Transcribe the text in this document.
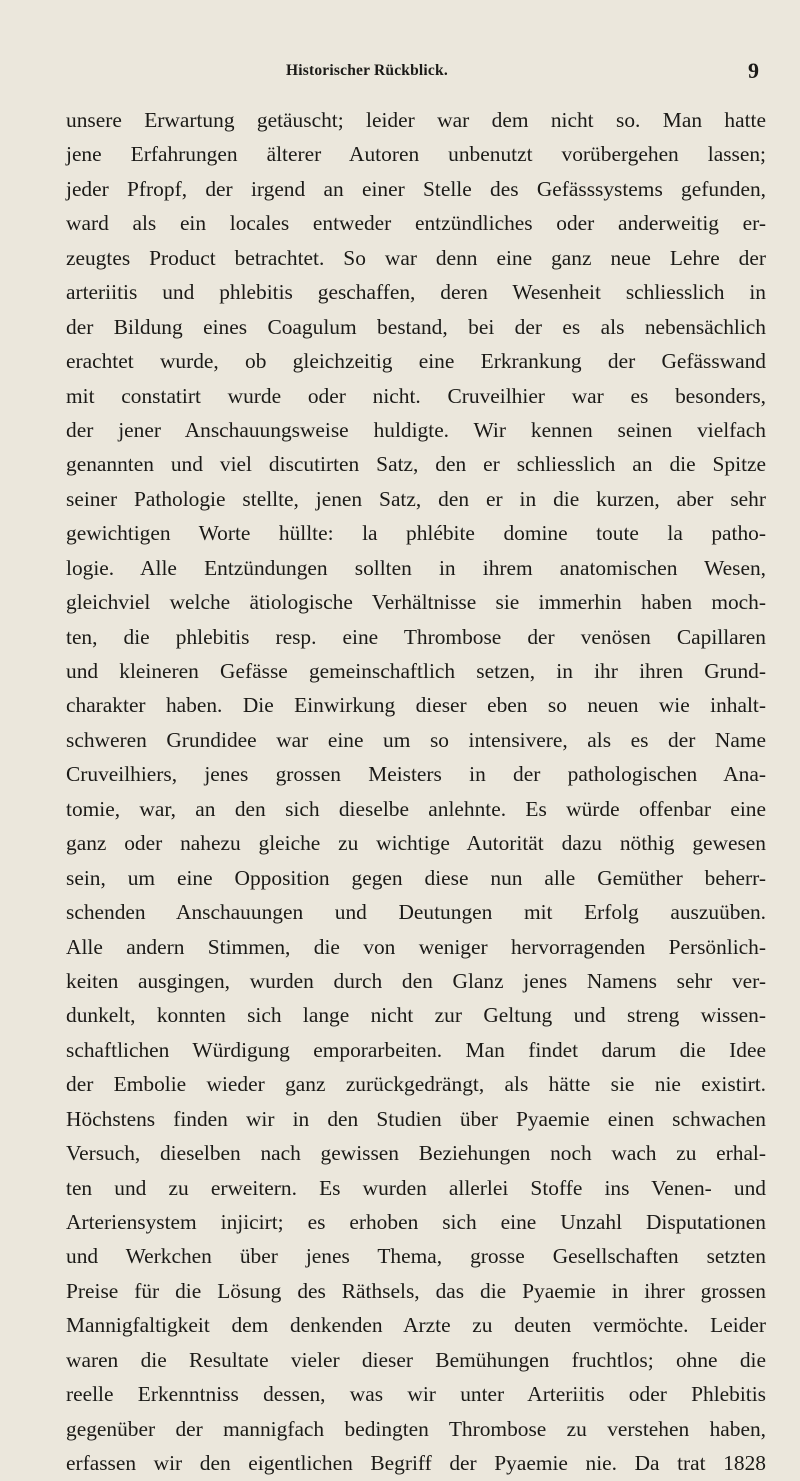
Historischer Rückblick.	9
unsere Erwartung getäuscht; leider war dem nicht so. Man hatte
jene Erfahrungen älterer Autoren unbenutzt vorübergehen lassen;
jeder Pfropf, der irgend an einer Stelle des Gefässsystems gefunden,
ward als ein locales entweder entzündliches oder anderweitig er-
zeugtes Product betrachtet. So war denn eine ganz neue Lehre der
arteriitis und phlebitis geschaffen, deren Wesenheit schliesslich in
der Bildung eines Coagulum bestand, bei der es als nebensächlich
erachtet wurde, ob gleichzeitig eine Erkrankung der Gefässwand
mit constatirt wurde oder nicht. Cruveilhier war es besonders,
der jener Anschauungsweise huldigte. Wir kennen seinen vielfach
genannten und viel discutirten Satz, den er schliesslich an die Spitze
seiner Pathologie stellte, jenen Satz, den er in die kurzen, aber sehr
gewichtigen Worte hüllte: la phlébite domine toute la patho-
logie. Alle Entzündungen sollten in ihrem anatomischen Wesen,
gleichviel welche ätiologische Verhältnisse sie immerhin haben moch-
ten, die phlebitis resp. eine Thrombose der venösen Capillaren
und kleineren Gefässe gemeinschaftlich setzen, in ihr ihren Grund-
charakter haben. Die Einwirkung dieser eben so neuen wie inhalt-
schweren Grundidee war eine um so intensivere, als es der Name
Cruveilhiers, jenes grossen Meisters in der pathologischen Ana-
tomie, war, an den sich dieselbe anlehnte. Es würde offenbar eine
ganz oder nahezu gleiche zu wichtige Autorität dazu nöthig gewesen
sein, um eine Opposition gegen diese nun alle Gemüther beherr-
schenden Anschauungen und Deutungen mit Erfolg auszuüben.
Alle andern Stimmen, die von weniger hervorragenden Persönlich-
keiten ausgingen, wurden durch den Glanz jenes Namens sehr ver-
dunkelt, konnten sich lange nicht zur Geltung und streng wissen-
schaftlichen Würdigung emporarbeiten. Man findet darum die Idee
der Embolie wieder ganz zurückgedrängt, als hätte sie nie existirt.
Höchstens finden wir in den Studien über Pyaemie einen schwachen
Versuch, dieselben nach gewissen Beziehungen noch wach zu erhal-
ten und zu erweitern. Es wurden allerlei Stoffe ins Venen- und
Arteriensystem injicirt; es erhoben sich eine Unzahl Disputationen
und Werkchen über jenes Thema, grosse Gesellschaften setzten
Preise für die Lösung des Räthsels, das die Pyaemie in ihrer grossen
Mannigfaltigkeit dem denkenden Arzte zu deuten vermöchte. Leider
waren die Resultate vieler dieser Bemühungen fruchtlos; ohne die
reelle Erkenntniss dessen, was wir unter Arteriitis oder Phlebitis
gegenüber der mannigfach bedingten Thrombose zu verstehen haben,
erfassen wir den eigentlichen Begriff der Pyaemie nie. Da trat 1828
